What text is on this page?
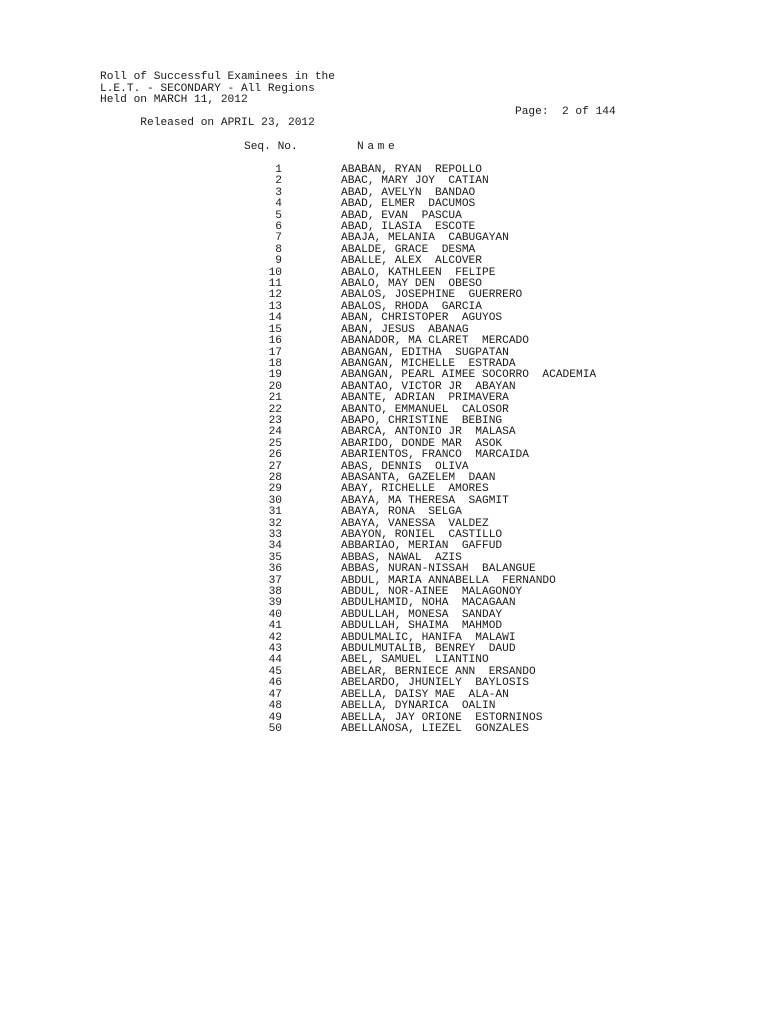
Roll of Successful Examinees in the
L.E.T. - SECONDARY - All Regions
Held on MARCH 11, 2012

Released on APRIL 23, 2012

Page:  2 of 144

Seq. No.

	Name

1	ABABAN, RYAN  REPOLLO
2	ABAC, MARY JOY  CATIAN
3	ABAD, AVELYN  BANDAO
4	ABAD, ELMER  DACUMOS
5	ABAD, EVAN  PASCUA
6	ABAD, ILASIA  ESCOTE
7	ABAJA, MELANIA  CABUGAYAN
8	ABALDE, GRACE  DESMA
9	ABALLE, ALEX  ALCOVER
10	ABALO, KATHLEEN  FELIPE
11	ABALO, MAY DEN  OBESO
12	ABALOS, JOSEPHINE  GUERRERO
13	ABALOS, RHODA  GARCIA
14	ABAN, CHRISTOPER  AGUYOS
15	ABAN, JESUS  ABANAG
16	ABANADOR, MA CLARET  MERCADO
17	ABANGAN, EDITHA  SUGPATAN
18	ABANGAN, MICHELLE  ESTRADA
19	ABANGAN, PEARL AIMEE SOCORRO  ACADEMIA
20	ABANTAO, VICTOR JR  ABAYAN
21	ABANTE, ADRIAN  PRIMAVERA
22	ABANTO, EMMANUEL  CALOSOR
23	ABAPO, CHRISTINE  BEBING
24	ABARCA, ANTONIO JR  MALASA
25	ABARIDO, DONDE MAR  ASOK
26	ABARIENTOS, FRANCO  MARCAIDA
27	ABAS, DENNIS  OLIVA
28	ABASANTA, GAZELEM  DAAN
29	ABAY, RICHELLE  AMORES
30	ABAYA, MA THERESA  SAGMIT
31	ABAYA, RONA  SELGA
32	ABAYA, VANESSA  VALDEZ
33	ABAYON, RONIEL  CASTILLO
34	ABBARIAO, MERIAN  GAFFUD
35	ABBAS, NAWAL  AZIS
36	ABBAS, NURAN-NISSAH  BALANGUE
37	ABDUL, MARIA ANNABELLA  FERNANDO
38	ABDUL, NOR-AINEE  MALAGONOY
39	ABDULHAMID, NOHA  MACAGAAN
40	ABDULLAH, MONESA  SANDAY
41	ABDULLAH, SHAIMA  MAHMOD
42	ABDULMALIC, HANIFA  MALAWI
43	ABDULMUTALIB, BENREY  DAUD
44	ABEL, SAMUEL  LIANTINO
45	ABELAR, BERNIECE ANN  ERSANDO
46	ABELARDO, JHUNIELY  BAYLOSIS
47	ABELLA, DAISY MAE  ALA-AN
48	ABELLA, DYNARICA  OALIN
49	ABELLA, JAY ORIONE  ESTORNINOS
50	ABELLANOSA, LIEZEL  GONZALES
